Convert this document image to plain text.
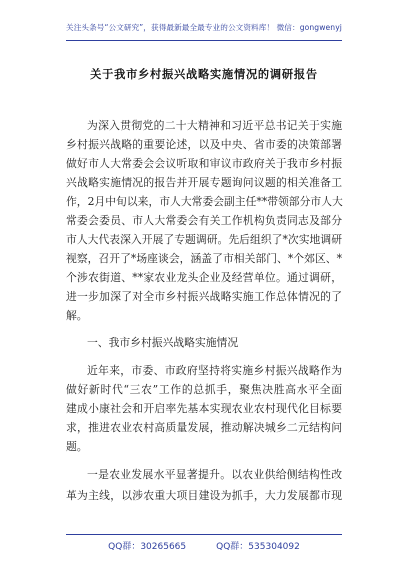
关注头条号“公文研究”，获得最新最全最专业的公文资料库！ 微信：gongwenyj
关于我市乡村振兴战略实施情况的调研报告
为深入贯彻党的二十大精神和习近平总书记关于实施
乡村振兴战略的重要论述，以及中央、省市委的决策部署
做好市人大常委会会议听取和审议市政府关于我市乡村振
兴战略实施情况的报告并开展专题询问议题的相关准备工
作，2月中旬以来，市人大常委会副主任**带领部分市人大
常委会委员、市人大常委会有关工作机构负责同志及部分
市人大代表深入开展了专题调研。先后组织了*次实地调研
视察，召开了*场座谈会，涵盖了市相关部门、*个郊区、*
个涉农街道、**家农业龙头企业及经营单位。通过调研，
进一步加深了对全市乡村振兴战略实施工作总体情况的了
解。
一、我市乡村振兴战略实施情况
近年来，市委、市政府坚持将实施乡村振兴战略作为
做好新时代“三农”工作的总抓手，聚焦决胜高水平全面
建成小康社会和开启率先基本实现农业农村现代化目标要
求，推进农业农村高质量发展，推动解决城乡二元结构问
题。
一是农业发展水平显著提升。以农业供给侧结构性改
革为主线，以涉农重大项目建设为抓手，大力发展都市现
QQ群：30265665	QQ群：535304092
